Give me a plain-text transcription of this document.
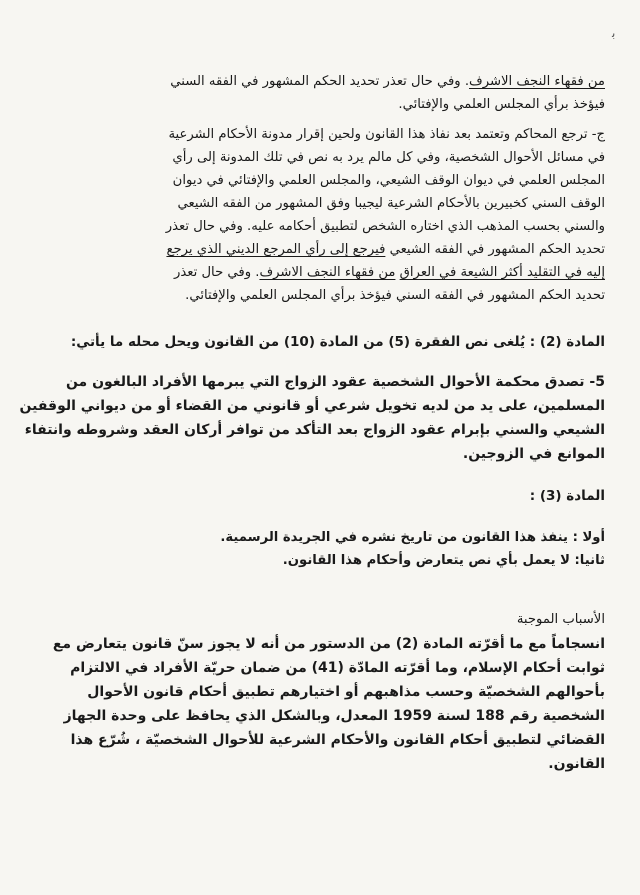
ﺑ
من فقهاء النجف الاشرف. وفي حال تعذر تحديد الحكم المشهور في الفقه السني
فيؤخذ برأي المجلس العلمي والإفتائي.
ج- ترجع المحاكم وتعتمد بعد نفاذ هذا القانون ولحين إقرار مدونة الأحكام الشرعية
في مسائل الأحوال الشخصية، وفي كل مالم يرد به نص في تلك المدونة إلى رأي
المجلس العلمي في ديوان الوقف الشيعي، والمجلس العلمي والإفتائي في ديوان
الوقف السني كخبيرين بالأحكام الشرعية ليجيبا وفق المشهور من الفقه الشيعي
والسني بحسب المذهب الذي اختاره الشخص لتطبيق أحكامه عليه. وفي حال تعذر
تحديد الحكم المشهور في الفقه الشيعي فيرجع إلى رأي المرجع الديني الذي يرجع
إليه في التقليد أكثر الشيعة في العراق من فقهاء النجف الاشرف. وفي حال تعذر
تحديد الحكم المشهور في الفقه السني فيؤخذ برأي المجلس العلمي والإفتائي.
المادة (2) : يُلغى نص الفقرة (5) من المادة (10) من القانون ويحل محله ما يأتي:
5- تصدق محكمة الأحوال الشخصية عقود الزواج التي يبرمها الأفراد البالغون من
المسلمين، على يد من لديه تخويل شرعي أو قانوني من القضاء أو من ديواني الوقفين
الشيعي والسني بإبرام عقود الزواج بعد التأكد من توافر أركان العقد وشروطه وانتفاء
الموانع في الزوجين.
المادة (3) :
أولا : ينفذ هذا القانون من تاريخ نشره في الجريدة الرسمية.
ثانيا: لا يعمل بأي نص يتعارض وأحكام هذا القانون.
الأسباب الموجبة
انسجاماً مع ما أقرّته المادة (2) من الدستور من أنه لا يجوز سنّ قانون يتعارض مع
ثوابت أحكام الإسلام، وما أقرّته المادّة (41) من ضمان حريّة الأفراد في الالتزام
بأحوالهم الشخصيّة وحسب مذاهبهم أو اختيارهم تطبيق أحكام قانون الأحوال
الشخصية رقم 188 لسنة 1959 المعدل، وبالشكل الذي يحافظ على وحدة الجهاز
القضائي لتطبيق أحكام القانون والأحكام الشرعية للأحوال الشخصيّة ، شُرّع هذا
القانون.
